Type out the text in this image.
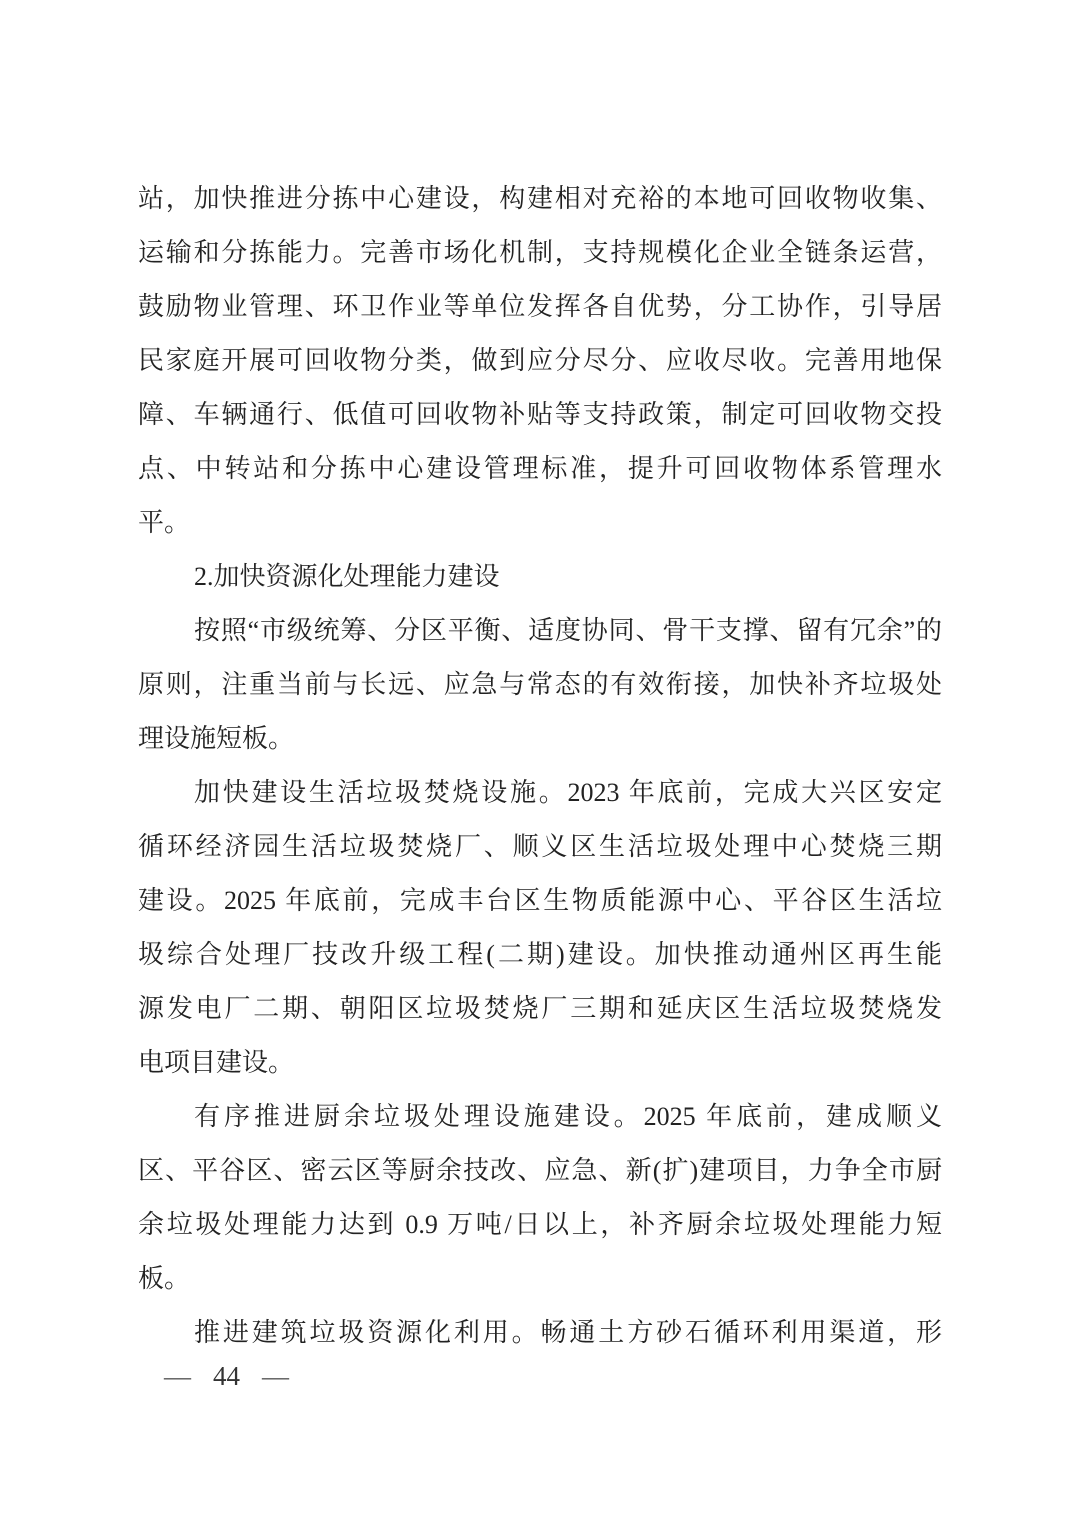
站，加快推进分拣中心建设，构建相对充裕的本地可回收物收集、
运输和分拣能力。完善市场化机制，支持规模化企业全链条运营，
鼓励物业管理、环卫作业等单位发挥各自优势，分工协作，引导居
民家庭开展可回收物分类，做到应分尽分、应收尽收。完善用地保
障、车辆通行、低值可回收物补贴等支持政策，制定可回收物交投
点、中转站和分拣中心建设管理标准，提升可回收物体系管理水
平。
2.加快资源化处理能力建设
按照“市级统筹、分区平衡、适度协同、骨干支撑、留有冗余”的
原则，注重当前与长远、应急与常态的有效衔接，加快补齐垃圾处
理设施短板。
加快建设生活垃圾焚烧设施。2023 年底前，完成大兴区安定
循环经济园生活垃圾焚烧厂、顺义区生活垃圾处理中心焚烧三期
建设。2025 年底前，完成丰台区生物质能源中心、平谷区生活垃
圾综合处理厂技改升级工程(二期)建设。加快推动通州区再生能
源发电厂二期、朝阳区垃圾焚烧厂三期和延庆区生活垃圾焚烧发
电项目建设。
有序推进厨余垃圾处理设施建设。2025 年底前，建成顺义
区、平谷区、密云区等厨余技改、应急、新(扩)建项目，力争全市厨
余垃圾处理能力达到 0.9 万吨/日以上，补齐厨余垃圾处理能力短
板。
推进建筑垃圾资源化利用。畅通土方砂石循环利用渠道，形
— 44 —
